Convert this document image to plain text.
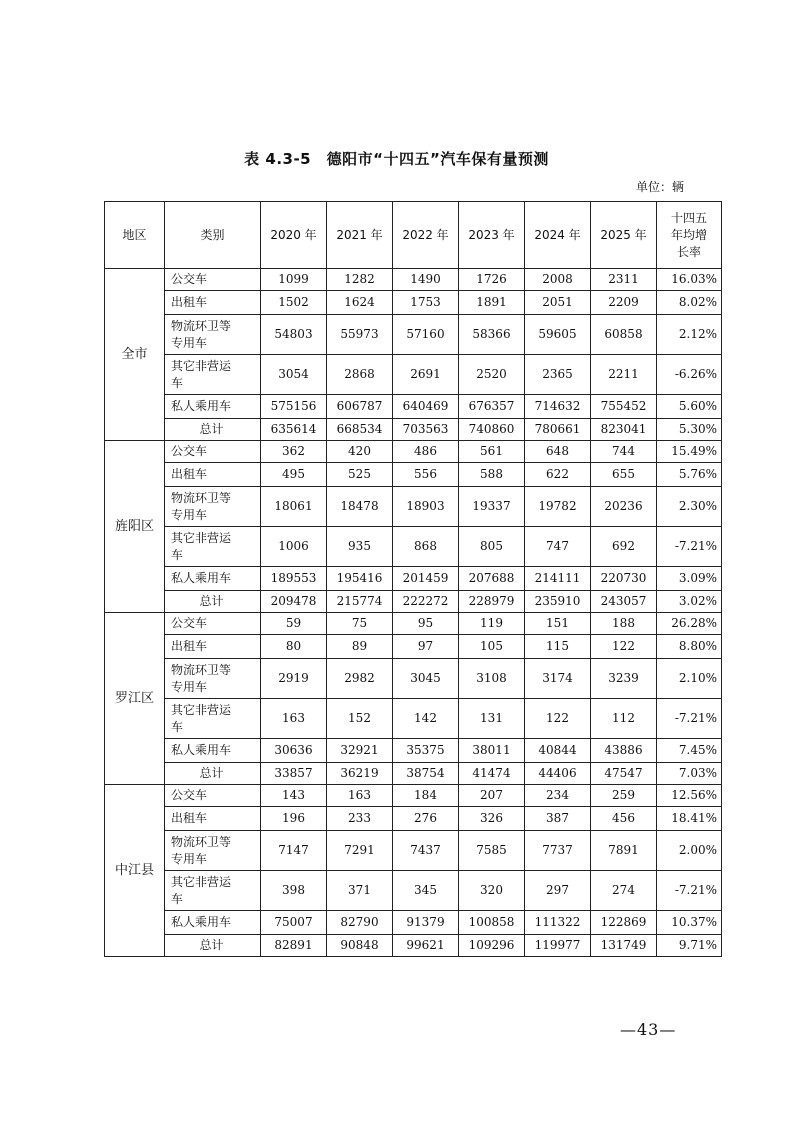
表 4.3-5　德阳市“十四五”汽车保有量预测
单位：辆
地区	类别	2020 年	2021 年	2022 年	2023 年	2024 年	2025 年	十四五
年均增
长率

全市	公交车	1099	1282	1490	1726	2008	2311	16.03%

	出租车	1502	1624	1753	1891	2051	2209	8.02%

	物流环卫等
专用车	54803	55973	57160	58366	59605	60858	2.12%

	其它非营运
车	3054	2868	2691	2520	2365	2211	-6.26%

	私人乘用车	575156	606787	640469	676357	714632	755452	5.60%

	总计	635614	668534	703563	740860	780661	823041	5.30%
旌阳区	公交车	362	420	486	561	648	744	15.49%

	出租车	495	525	556	588	622	655	5.76%

	物流环卫等
专用车	18061	18478	18903	19337	19782	20236	2.30%

	其它非营运
车	1006	935	868	805	747	692	-7.21%

	私人乘用车	189553	195416	201459	207688	214111	220730	3.09%

	总计	209478	215774	222272	228979	235910	243057	3.02%
罗江区	公交车	59	75	95	119	151	188	26.28%

	出租车	80	89	97	105	115	122	8.80%

	物流环卫等
专用车	2919	2982	3045	3108	3174	3239	2.10%

	其它非营运
车	163	152	142	131	122	112	-7.21%

	私人乘用车	30636	32921	35375	38011	40844	43886	7.45%

	总计	33857	36219	38754	41474	44406	47547	7.03%
中江县	公交车	143	163	184	207	234	259	12.56%

	出租车	196	233	276	326	387	456	18.41%

	物流环卫等
专用车	7147	7291	7437	7585	7737	7891	2.00%

	其它非营运
车	398	371	345	320	297	274	-7.21%

	私人乘用车	75007	82790	91379	100858	111322	122869	10.37%

	总计	82891	90848	99621	109296	119977	131749	9.71%
—43—
